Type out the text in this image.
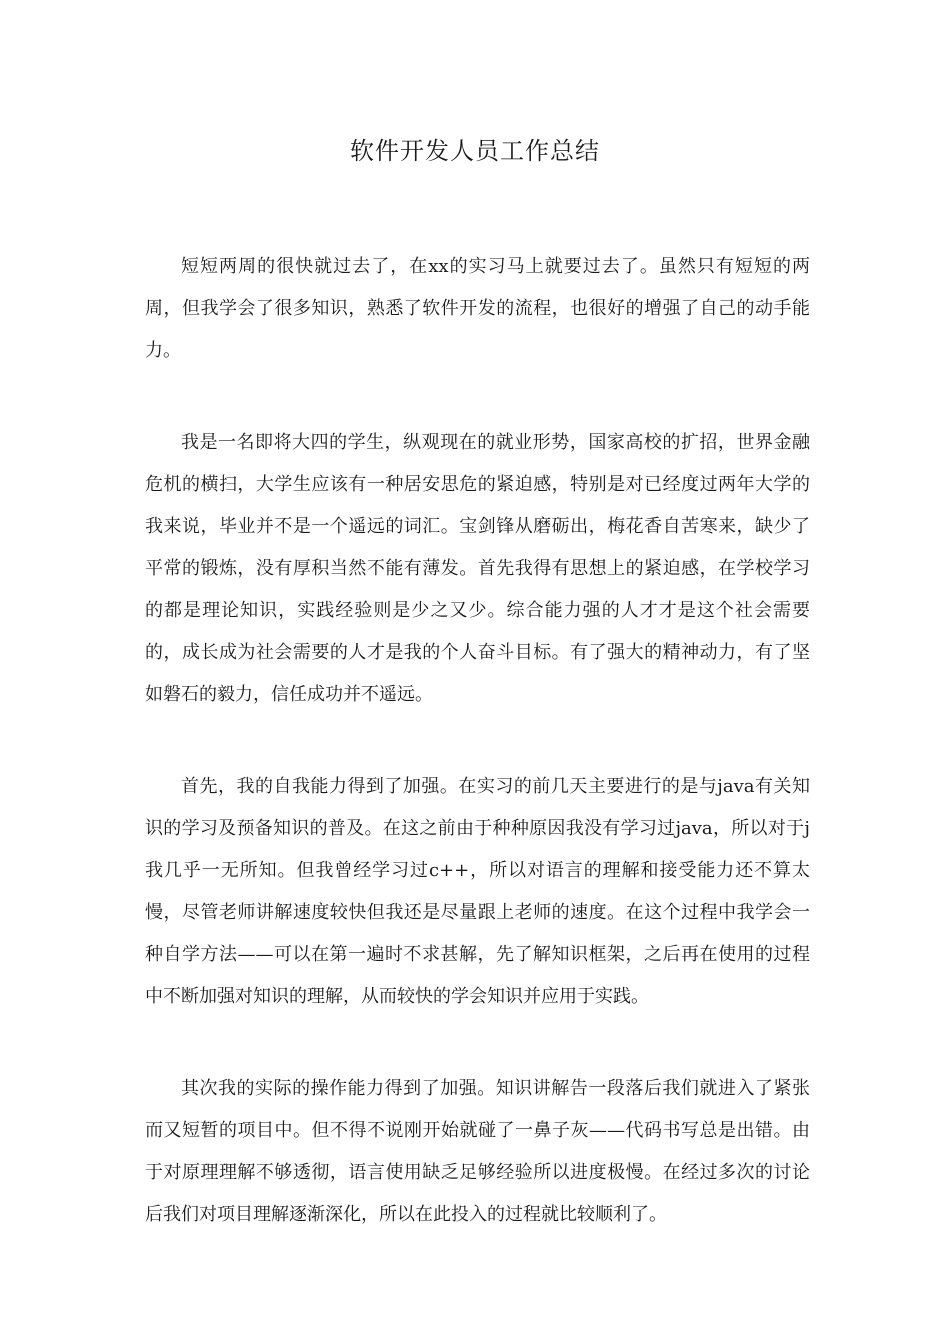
软件开发人员工作总结

短短两周的很快就过去了，在xx的实习马上就要过去了。虽然只有短短的两周，但我学会了很多知识，熟悉了软件开发的流程，也很好的增强了自己的动手能力。

我是一名即将大四的学生，纵观现在的就业形势，国家高校的扩招，世界金融危机的横扫，大学生应该有一种居安思危的紧迫感，特别是对已经度过两年大学的我来说，毕业并不是一个遥远的词汇。宝剑锋从磨砺出，梅花香自苦寒来，缺少了平常的锻炼，没有厚积当然不能有薄发。首先我得有思想上的紧迫感，在学校学习的都是理论知识，实践经验则是少之又少。综合能力强的人才才是这个社会需要的，成长成为社会需要的人才是我的个人奋斗目标。有了强大的精神动力，有了坚如磐石的毅力，信任成功并不遥远。

首先，我的自我能力得到了加强。在实习的前几天主要进行的是与java有关知识的学习及预备知识的普及。在这之前由于种种原因我没有学习过java，所以对于j我几乎一无所知。但我曾经学习过c++，所以对语言的理解和接受能力还不算太慢，尽管老师讲解速度较快但我还是尽量跟上老师的速度。在这个过程中我学会一种自学方法——可以在第一遍时不求甚解，先了解知识框架，之后再在使用的过程中不断加强对知识的理解，从而较快的学会知识并应用于实践。

其次我的实际的操作能力得到了加强。知识讲解告一段落后我们就进入了紧张而又短暂的项目中。但不得不说刚开始就碰了一鼻子灰——代码书写总是出错。由于对原理理解不够透彻，语言使用缺乏足够经验所以进度极慢。在经过多次的讨论后我们对项目理解逐渐深化，所以在此投入的过程就比较顺利了。
